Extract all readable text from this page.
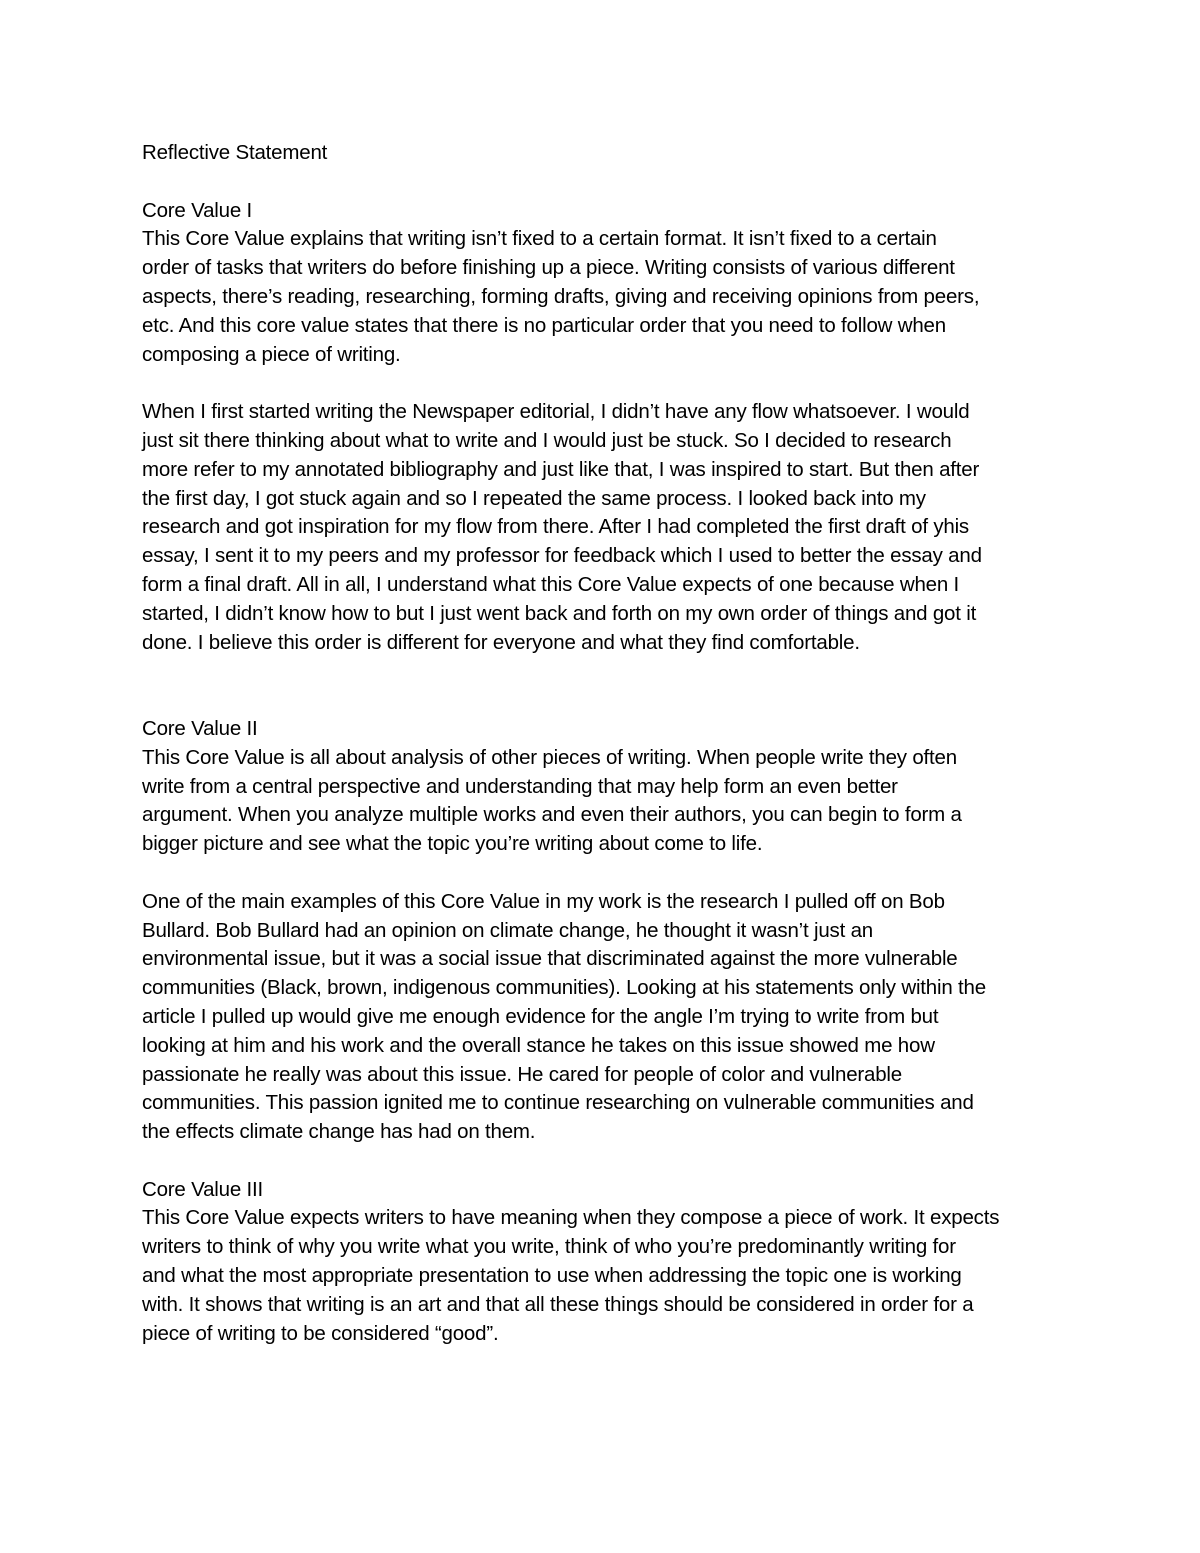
Reflective Statement
Core Value I
This Core Value explains that writing isn’t fixed to a certain format. It isn’t fixed to a certain
order of tasks that writers do before finishing up a piece. Writing consists of various different
aspects, there’s reading, researching, forming drafts, giving and receiving opinions from peers,
etc. And this core value states that there is no particular order that you need to follow when
composing a piece of writing.
When I first started writing the Newspaper editorial, I didn’t have any flow whatsoever. I would
just sit there thinking about what to write and I would just be stuck. So I decided to research
more refer to my annotated bibliography and just like that, I was inspired to start. But then after
the first day, I got stuck again and so I repeated the same process. I looked back into my
research and got inspiration for my flow from there. After I had completed the first draft of yhis
essay, I sent it to my peers and my professor for feedback which I used to better the essay and
form a final draft. All in all, I understand what this Core Value expects of one because when I
started, I didn’t know how to but I just went back and forth on my own order of things and got it
done. I believe this order is different for everyone and what they find comfortable.
Core Value II
This Core Value is all about analysis of other pieces of writing. When people write they often
write from a central perspective and understanding that may help form an even better
argument. When you analyze multiple works and even their authors, you can begin to form a
bigger picture and see what the topic you’re writing about come to life.
One of the main examples of this Core Value in my work is the research I pulled off on Bob
Bullard. Bob Bullard had an opinion on climate change, he thought it wasn’t just an
environmental issue, but it was a social issue that discriminated against the more vulnerable
communities (Black, brown, indigenous communities). Looking at his statements only within the
article I pulled up would give me enough evidence for the angle I’m trying to write from but
looking at him and his work and the overall stance he takes on this issue showed me how
passionate he really was about this issue. He cared for people of color and vulnerable
communities. This passion ignited me to continue researching on vulnerable communities and
the effects climate change has had on them.
Core Value III
This Core Value expects writers to have meaning when they compose a piece of work. It expects
writers to think of why you write what you write, think of who you’re predominantly writing for
and what the most appropriate presentation to use when addressing the topic one is working
with. It shows that writing is an art and that all these things should be considered in order for a
piece of writing to be considered “good”.
